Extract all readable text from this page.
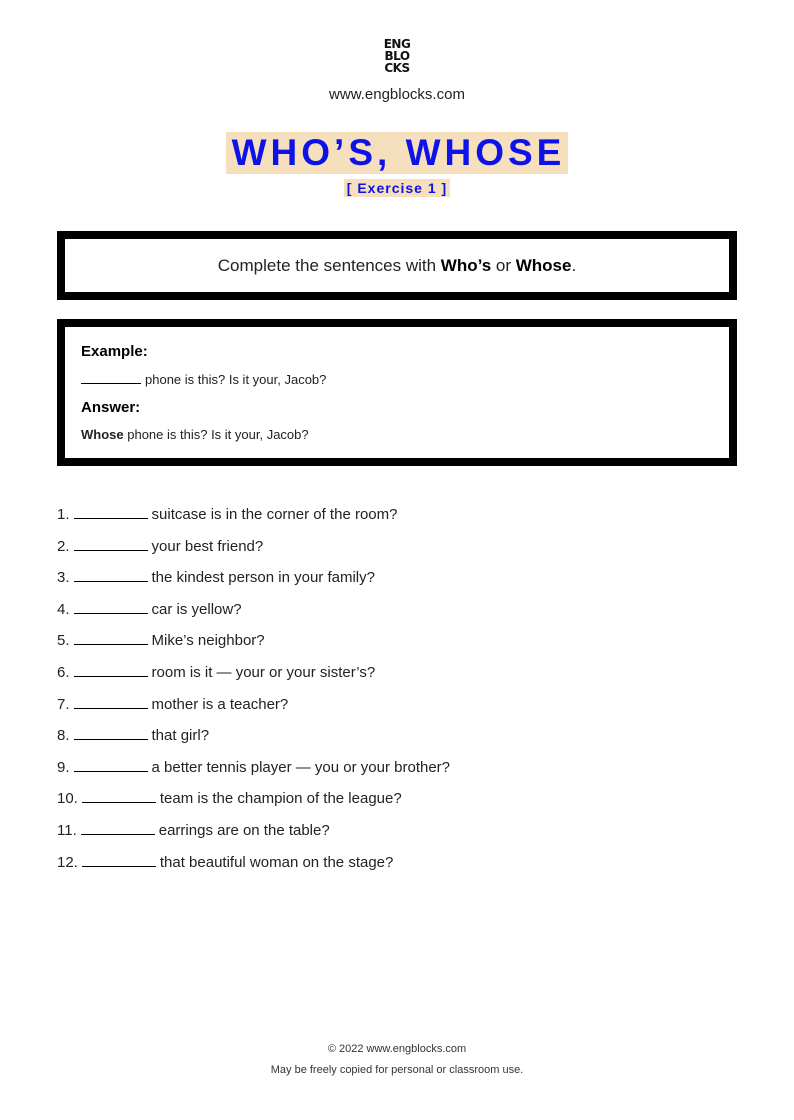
ENG
BLO
CKS
www.engblocks.com
WHO’S, WHOSE
[ Exercise 1 ]
Complete the sentences with Who’s or Whose.
Example:
phone is this? Is it your, Jacob?
Answer:
Whose phone is this? Is it your, Jacob?
1.	suitcase is in the corner of the room?
2.	your best friend?
3.	the kindest person in your family?
4.	car is yellow?
5.	Mike’s neighbor?
6.	room is it — your or your sister’s?
7.	mother is a teacher?
8.	that girl?
9.	a better tennis player — you or your brother?
10.	team is the champion of the league?
11.	earrings are on the table?
12.	that beautiful woman on the stage?
© 2022 www.engblocks.com
May be freely copied for personal or classroom use.
